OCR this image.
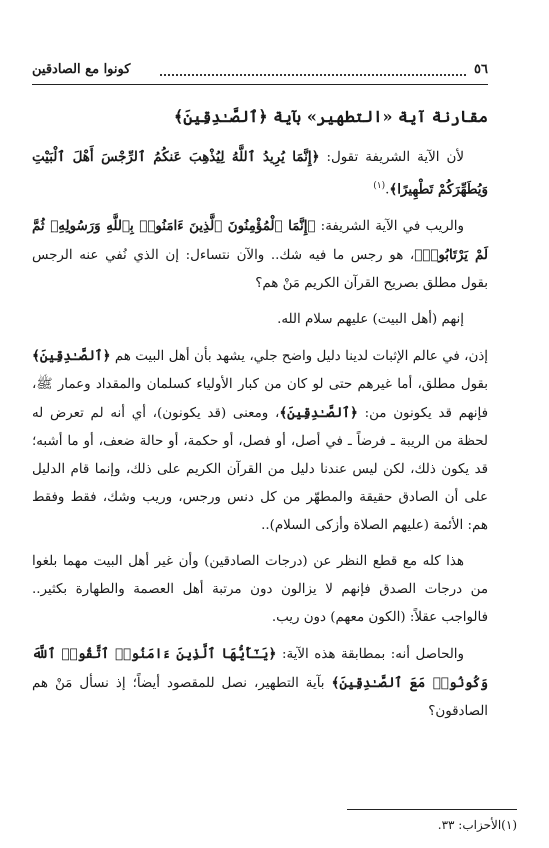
٥٦
كونوا مع الصادقين
مقارنة آية «التطهير» بآية ﴿ٱلصَّـٰدِقِينَ﴾

لأن الآية الشريفة تقول: ﴿إِنَّمَا يُرِيدُ ٱللَّهُ لِيُذْهِبَ عَنكُمُ ٱلرِّجْسَ أَهْلَ ٱلْبَيْتِ وَيُطَهِّرَكُمْ تَطْهِيرًا﴾.$^{(١)}$

والريب في الآية الشريفة: ﴿إِنَّمَا ٱلْمُؤْمِنُونَ ٱلَّذِينَ ءَامَنُوا۟ بِٱللَّهِ وَرَسُولِهِۦ ثُمَّ لَمْ يَرْتَابُوا۟﴾، هو رجس ما فيه شك.. والآن نتساءل: إن الذي نُفي عنه الرجس بقول مطلق بصريح القرآن الكريم مَنْ هم؟

إنهم (أهل البيت) عليهم سلام الله.

إذن، في عالم الإثبات لدينا دليل واضح جلي، يشهد بأن أهل البيت هم ﴿ٱلصَّـٰدِقِينَ﴾ بقول مطلق، أما غيرهم حتى لو كان من كبار الأولياء كسلمان والمقداد وعمار ﷺ، فإنهم قد يكونون من: ﴿ٱلصَّـٰدِقِينَ﴾، ومعنى (قد يكونون)، أي أنه لم تعرض له لحظة من الريبة ـ فرضاً ـ في أصل، أو فصل، أو حكمة، أو حالة ضعف، أو ما أشبه؛ قد يكون ذلك، لكن ليس عندنا دليل من القرآن الكريم على ذلك، وإنما قام الدليل على أن الصادق حقيقة والمطهّر من كل دنس ورجس، وريب وشك، فقط وفقط هم: الأئمة (عليهم الصلاة وأزكى السلام)..

هذا كله مع قطع النظر عن (درجات الصادقين) وأن غير أهل البيت مهما بلغوا من درجات الصدق فإنهم لا يزالون دون مرتبة أهل العصمة والطهارة بكثير.. فالواجب عقلاً: (الكون معهم) دون ريب.

والحاصل أنه: بمطابقة هذه الآية: ﴿يَـٰٓأَيُّهَا ٱلَّذِينَ ءَامَنُوا۟ ٱتَّقُوا۟ ٱللَّهَ وَكُونُوا۟ مَعَ ٱلصَّـٰدِقِينَ﴾ بآية التطهير، نصل للمقصود أيضاً؛ إذ نسأل مَنْ هم الصادقون؟

(١)الأحزاب: ٣٣.
